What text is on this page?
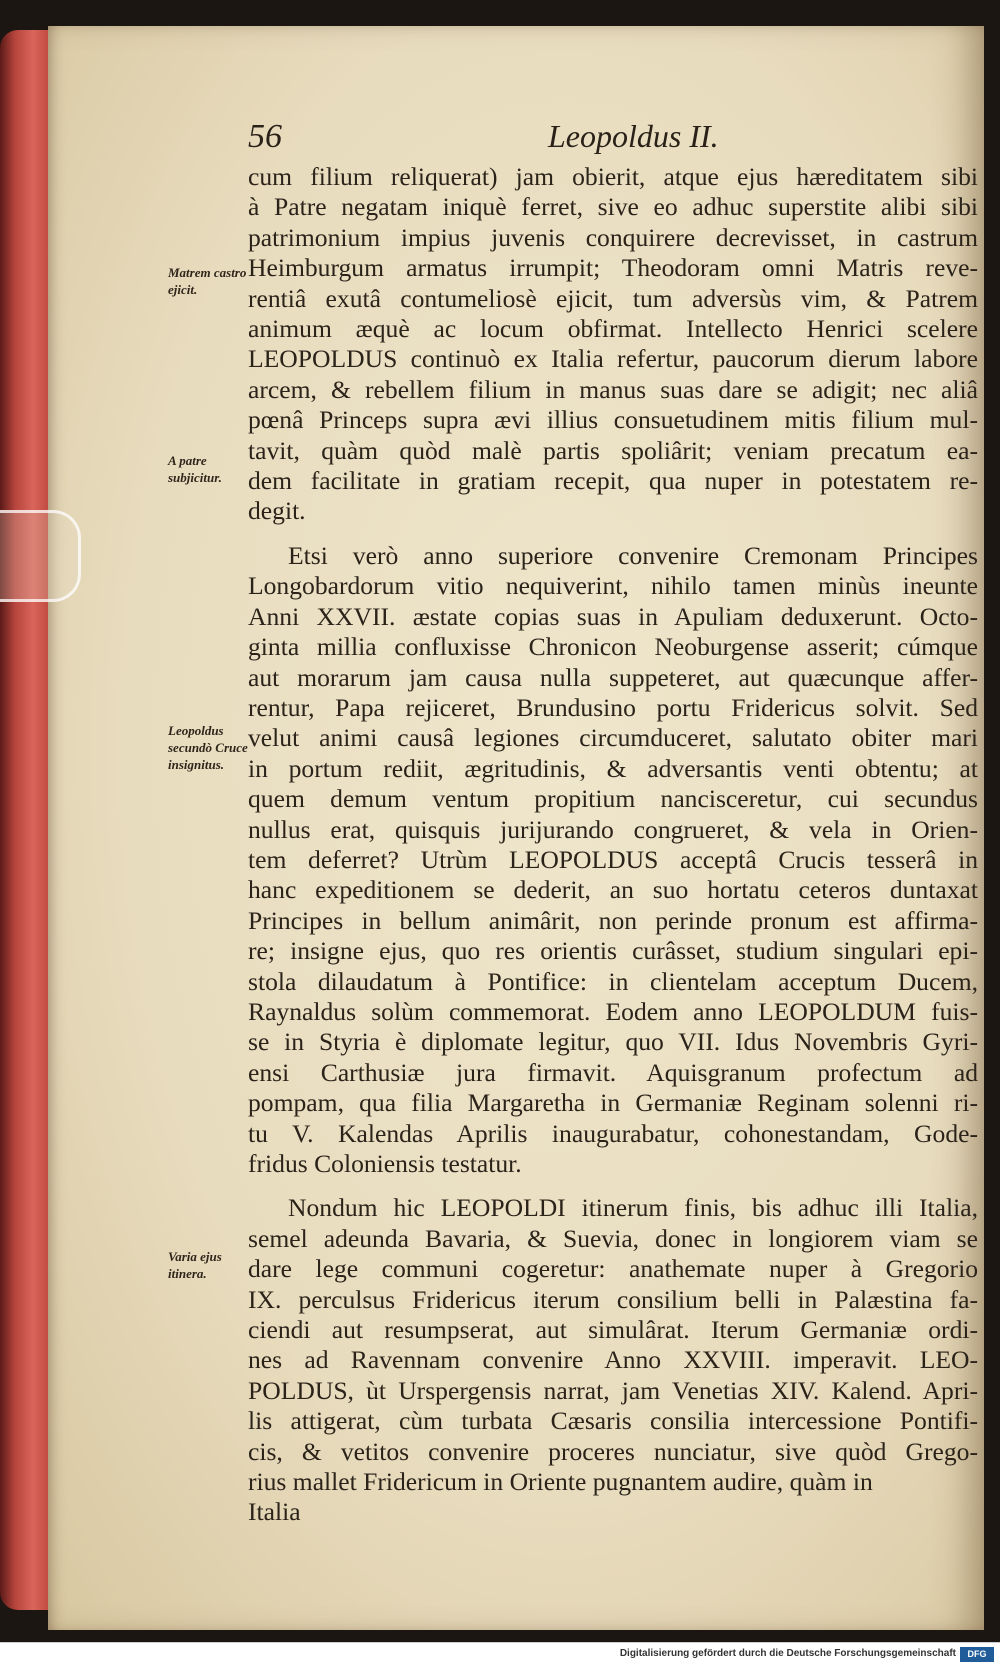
56	Leopoldus II.
Matrem castro ejicit.
A patre subjicitur.
Leopoldus secundò Cruce insignitus.
Varia ejus itinera.

cum filium reliquerat) jam obierit, atque ejus hæreditatem sibi
à Patre negatam iniquè ferret, sive eo adhuc superstite alibi sibi
patrimonium impius juvenis conquirere decrevisset, in castrum
Heimburgum armatus irrumpit; Theodoram omni Matris reve-
rentiâ exutâ contumeliosè ejicit, tum adversùs vim, & Patrem
animum æquè ac locum obfirmat. Intellecto Henrici scelere
LEOPOLDUS continuò ex Italia refertur, paucorum dierum labore
arcem, & rebellem filium in manus suas dare se adigit; nec aliâ
pœnâ Princeps supra ævi illius consuetudinem mitis filium mul-
tavit, quàm quòd malè partis spoliârit; veniam precatum ea-
dem facilitate in gratiam recepit, qua nuper in potestatem re-
degit.

Etsi verò anno superiore convenire Cremonam Principes
Longobardorum vitio nequiverint, nihilo tamen minùs ineunte
Anni XXVII. æstate copias suas in Apuliam deduxerunt. Octo-
ginta millia confluxisse Chronicon Neoburgense asserit; cúmque
aut morarum jam causa nulla suppeteret, aut quæcunque affer-
rentur, Papa rejiceret, Brundusino portu Fridericus solvit. Sed
velut animi causâ legiones circumduceret, salutato obiter mari
in portum rediit, ægritudinis, & adversantis venti obtentu; at
quem demum ventum propitium nancisceretur, cui secundus
nullus erat, quisquis jurijurando congrueret, & vela in Orien-
tem deferret? Utrùm LEOPOLDUS acceptâ Crucis tesserâ in
hanc expeditionem se dederit, an suo hortatu ceteros duntaxat
Principes in bellum animârit, non perinde pronum est affirma-
re; insigne ejus, quo res orientis curâsset, studium singulari epi-
stola dilaudatum à Pontifice: in clientelam acceptum Ducem,
Raynaldus solùm commemorat. Eodem anno LEOPOLDUM fuis-
se in Styria è diplomate legitur, quo VII. Idus Novembris Gyri-
ensi Carthusiæ jura firmavit. Aquisgranum profectum ad
pompam, qua filia Margaretha in Germaniæ Reginam solenni ri-
tu V. Kalendas Aprilis inaugurabatur, cohonestandam, Gode-
fridus Coloniensis testatur.

Nondum hic LEOPOLDI itinerum finis, bis adhuc illi Italia,
semel adeunda Bavaria, & Suevia, donec in longiorem viam se
dare lege communi cogeretur: anathemate nuper à Gregorio
IX. perculsus Fridericus iterum consilium belli in Palæstina fa-
ciendi aut resumpserat, aut simulârat. Iterum Germaniæ ordi-
nes ad Ravennam convenire Anno XXVIII. imperavit. LEO-
POLDUS, ùt Urspergensis narrat, jam Venetias XIV. Kalend. Apri-
lis attigerat, cùm turbata Cæsaris consilia intercessione Pontifi-
cis, & vetitos convenire proceres nunciatur, sive quòd Grego-
rius mallet Fridericum in Oriente pugnantem audire, quàm in

Italia
Digitalisierung gefördert durch die Deutsche Forschungsgemeinschaft	DFG
